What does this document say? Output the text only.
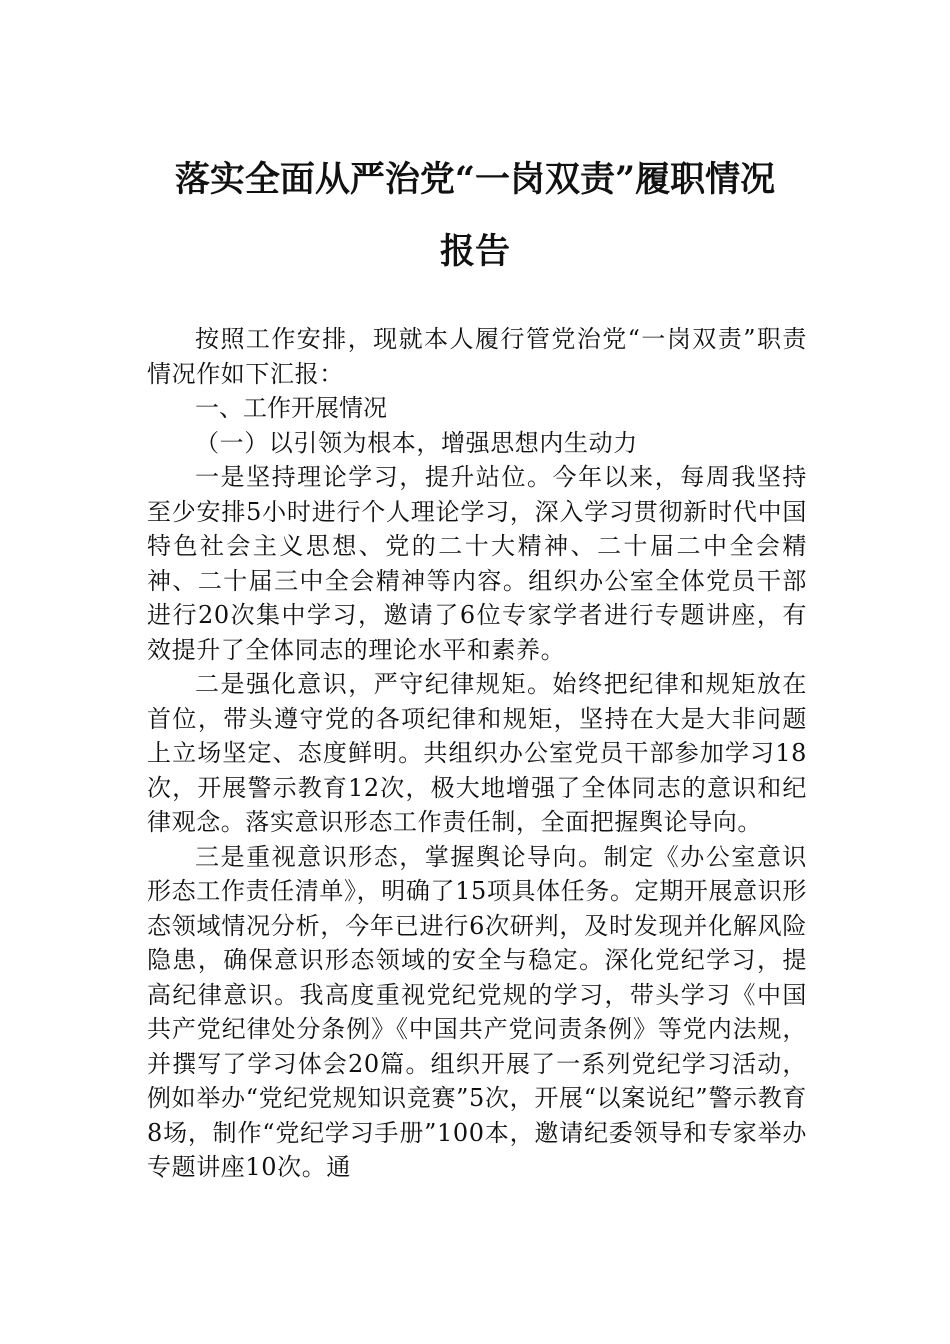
落实全面从严治党“一岗双责”履职情况
报告

按照工作安排，现就本人履行管党治党“一岗双责”职责情况作如下汇报：

一、工作开展情况

（一）以引领为根本，增强思想内生动力

一是坚持理论学习，提升站位。今年以来，每周我坚持至少安排5小时进行个人理论学习，深入学习贯彻新时代中国特色社会主义思想、党的二十大精神、二十届二中全会精神、二十届三中全会精神等内容。组织办公室全体党员干部进行20次集中学习，邀请了6位专家学者进行专题讲座，有效提升了全体同志的理论水平和素养。

二是强化意识，严守纪律规矩。始终把纪律和规矩放在首位，带头遵守党的各项纪律和规矩，坚持在大是大非问题上立场坚定、态度鲜明。共组织办公室党员干部参加学习18次，开展警示教育12次，极大地增强了全体同志的意识和纪律观念。落实意识形态工作责任制，全面把握舆论导向。

三是重视意识形态，掌握舆论导向。制定《办公室意识形态工作责任清单》，明确了15项具体任务。定期开展意识形态领域情况分析，今年已进行6次研判，及时发现并化解风险隐患，确保意识形态领域的安全与稳定。深化党纪学习，提高纪律意识。我高度重视党纪党规的学习，带头学习《中国共产党纪律处分条例》《中国共产党问责条例》等党内法规，并撰写了学习体会20篇。组织开展了一系列党纪学习活动，例如举办“党纪党规知识竞赛”5次，开展“以案说纪”警示教育8场，制作“党纪学习手册”100本，邀请纪委领导和专家举办专题讲座10次。通
